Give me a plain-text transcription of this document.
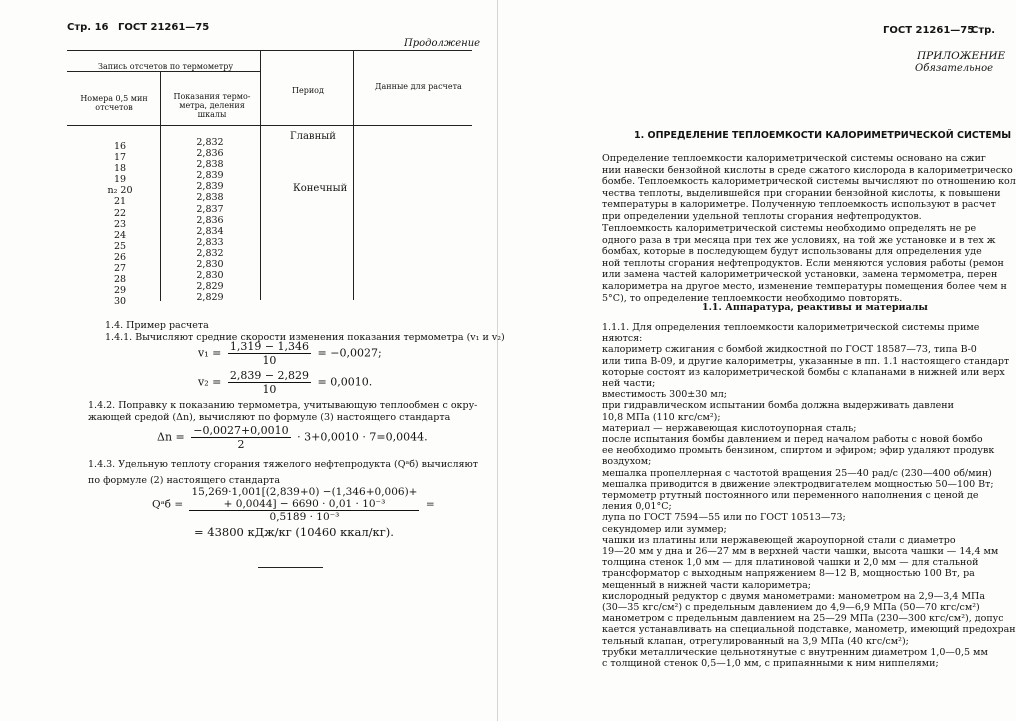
Стр. 16 ГОСТ 21261—75
Продолжение
Запись отсчетов по термометру
Номера 0,5 мин отсчетов
Показания термо-метра, деления шкалы
Период	Данные для расчета
16
17
18
19
n₂ 20
21
22
23
24
25
26
27
28
29
30
2,832
2,836
2,838
2,839
2,839
2,838
2,837
2,836
2,834
2,833
2,832
2,830
2,830
2,829
2,829
Главный
Конечный
1.4. Пример расчета
1.4.1. Вычисляют средние скорости изменения показания термометра (v₁ и v₂)
$v_1 = \frac{1,319 - 1,346}{10} = -0,0027$;
$v_2 = \frac{2,839 - 2,829}{10} = 0,0010$.
1.4.2. Поправку к показанию термометра, учитывающую теплообмен с окру-
жающей средой (Δn), вычисляют по формуле (3) настоящего стандарта
$\Delta n = \frac{-0,0027+0,0010}{2} \cdot 3+0,0010 \cdot 7=0,0044$.
1.4.3. Удельную теплоту сгорания тяжелого нефтепродукта (Qᵃб) вычисляют
по формуле (2) настоящего стандарта
Qᵃб =
15,269·1,001[(2,839+0) −(1,346+0,006)+
+ 0,0044] − 6690 · 0,01 · 10⁻³
0,5189 · 10⁻³
=
= 43800 кДж/кг (10460 ккал/кг).
ГОСТ 21261—75
Стр.
ПРИЛОЖЕНИЕ
Обязательное
1. ОПРЕДЕЛЕНИЕ ТЕПЛОЕМКОСТИ КАЛОРИМЕТРИЧЕСКОЙ СИСТЕМЫ
Определение теплоемкости калориметрической системы основано на сжиг
нии навески бензойной кислоты в среде сжатого кислорода в калориметрическо
бомбе. Теплоемкость калориметрической системы вычисляют по отношению кол
чества теплоты, выделившейся при сгорании бензойной кислоты, к повышени
температуры в калориметре. Полученную теплоемкость используют в расчет
при определении удельной теплоты сгорания нефтепродуктов.
Теплоемкость калориметрической системы необходимо определять не ре
одного раза в три месяца при тех же условиях, на той же установке и в тех ж
бомбах, которые в последующем будут использованы для определения уде
ной теплоты сгорания нефтепродуктов. Если меняются условия работы (ремон
или замена частей калориметрической установки, замена термометра, перен
калориметра на другое место, изменение температуры помещения более чем н
5°С), то определение теплоемкости необходимо повторять.
1.1. Аппаратура, реактивы и материалы
1.1.1. Для определения теплоемкости калориметрической системы приме
няются:
калориметр сжигания с бомбой жидкостной по ГОСТ 18587—73, типа В-0
или типа В-09, и другие калориметры, указанные в пп. 1.1 настоящего стандарт
которые состоят из калориметрической бомбы с клапанами в нижней или верх
ней части;
вместимость 300±30 мл;
при гидравлическом испытании бомба должна выдерживать давлени
10,8 МПа (110 кгс/см²);
материал — нержавеющая кислотоупорная сталь;
после испытания бомбы давлением и перед началом работы с новой бомбо
ее необходимо промыть бензином, спиртом и эфиром; эфир удаляют продувк
воздухом;
мешалка пропеллерная с частотой вращения 25—40 рад/с (230—400 об/мин)
мешалка приводится в движение электродвигателем мощностью 50—100 Вт;
термометр ртутный постоянного или переменного наполнения с ценой де
ления 0,01°С;
лупа по ГОСТ 7594—55 или по ГОСТ 10513—73;
секундомер или зуммер;
чашки из платины или нержавеющей жароупорной стали с диаметро
19—20 мм у дна и 26—27 мм в верхней части чашки, высота чашки — 14,4 мм
толщина стенок 1,0 мм — для платиновой чашки и 2,0 мм — для стальной
трансформатор с выходным напряжением 8—12 В, мощностью 100 Вт, ра
мещенный в нижней части калориметра;
кислородный редуктор с двумя манометрами: манометром на 2,9—3,4 МПа
(30—35 кгс/см²) с предельным давлением до 4,9—6,9 МПа (50—70 кгс/см²)
манометром с предельным давлением на 25—29 МПа (230—300 кгс/см²), допус
кается устанавливать на специальной подставке, манометр, имеющий предохран
тельный клапан, отрегулированный на 3,9 МПа (40 кгс/см²);
трубки металлические цельнотянутые с внутренним диаметром 1,0—0,5 мм
с толщиной стенок 0,5—1,0 мм, с припаянными к ним ниппелями;
